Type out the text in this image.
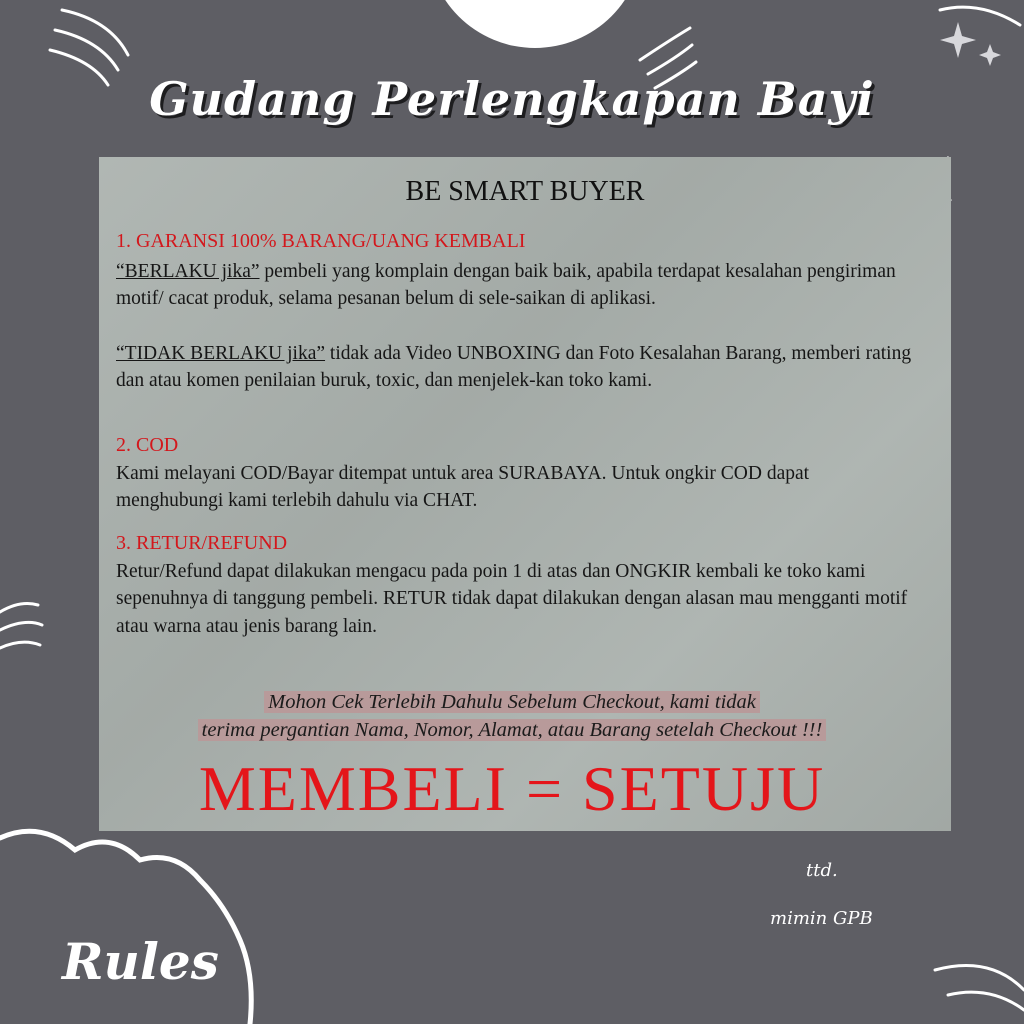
Gudang Perlengkapan Bayi
BE SMART BUYER
1. GARANSI 100% BARANG/UANG KEMBALI
“BERLAKU jika” pembeli yang komplain dengan baik baik, apabila terdapat kesalahan pengiriman motif/ cacat produk, selama pesanan belum di sele-saikan di aplikasi.
“TIDAK BERLAKU jika” tidak ada Video UNBOXING dan Foto Kesalahan Barang, memberi rating dan atau komen penilaian buruk, toxic, dan menjelek-kan toko kami.
2. COD
Kami melayani COD/Bayar ditempat untuk area SURABAYA. Untuk ongkir COD dapat menghubungi kami terlebih dahulu via CHAT.
3. RETUR/REFUND
Retur/Refund dapat dilakukan mengacu pada poin 1 di atas dan ONGKIR kembali ke toko kami sepenuhnya di tanggung pembeli. RETUR tidak dapat dilakukan dengan alasan mau mengganti motif atau warna atau jenis barang lain.
Mohon Cek Terlebih Dahulu Sebelum Checkout, kami tidak
terima pergantian Nama, Nomor, Alamat, atau Barang setelah Checkout !!!
MEMBELI = SETUJU
ttd.
mimin GPB
Rules
